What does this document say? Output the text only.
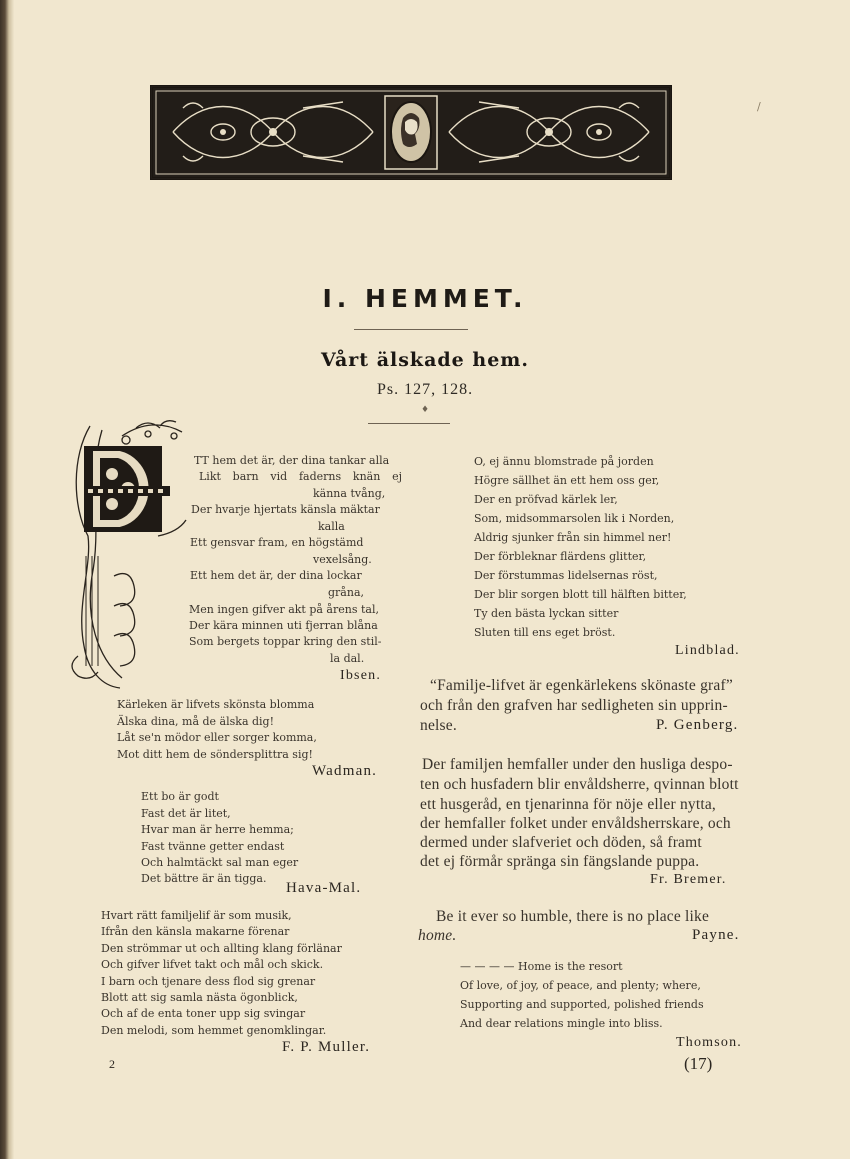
/
I. HEMMET.
Vårt älskade hem.
Ps. 127, 128.
♦
TT hem det är, der dina tankar alla
Likt barn vid faderns knän ej
känna tvång,
Der hvarje hjertats känsla mäktar
kalla
Ett gensvar fram, en högstämd
vexelsång.
Ett hem det är, der dina lockar
gråna,
Men ingen gifver akt på årens tal,
Der kära minnen uti fjerran blåna
Som bergets toppar kring den stil-
la dal.
Ibsen.
Kärleken är lifvets skönsta blomma
Älska dina, må de älska dig!
Låt se'n mödor eller sorger komma,
Mot ditt hem de söndersplittra sig!
Wadman.
Ett bo är godt
Fast det är litet,
Hvar man är herre hemma;
Fast tvänne getter endast
Och halmtäckt sal man eger
Det bättre är än tigga.
Hava-Mal.
Hvart rätt familjelif är som musik,
Ifrån den känsla makarne förenar
Den strömmar ut och allting klang förlänar
Och gifver lifvet takt och mål och skick.
I barn och tjenare dess flod sig grenar
Blott att sig samla nästa ögonblick,
Och af de enta toner upp sig svingar
Den melodi, som hemmet genomklingar.
F. P. Muller.
2
O, ej ännu blomstrade på jorden
Högre sällhet än ett hem oss ger,
Der en pröfvad kärlek ler,
Som, midsommarsolen lik i Norden,
Aldrig sjunker från sin himmel ner!
Der förbleknar flärdens glitter,
Der förstummas lidelsernas röst,
Der blir sorgen blott till hälften bitter,
Ty den bästa lyckan sitter
Sluten till ens eget bröst.
Lindblad.
“Familje-lifvet är egenkärlekens skönaste graf”
och från den grafven har sedligheten sin upprin-
nelse.	P. Genberg.
Der familjen hemfaller under den husliga despo-
ten och husfadern blir envåldsherre, qvinnan blott
ett husgeråd, en tjenarinna för nöje eller nytta,
der hemfaller folket under envåldsherrskare, och
dermed under slafveriet och döden, så framt
det ej förmår spränga sin fängslande puppa.
Fr. Bremer.
Be it ever so humble, there is no place like
home.	Payne.
— — — — Home is the resort
Of love, of joy, of peace, and plenty; where,
Supporting and supported, polished friends
And dear relations mingle into bliss.
Thomson.
(17)
